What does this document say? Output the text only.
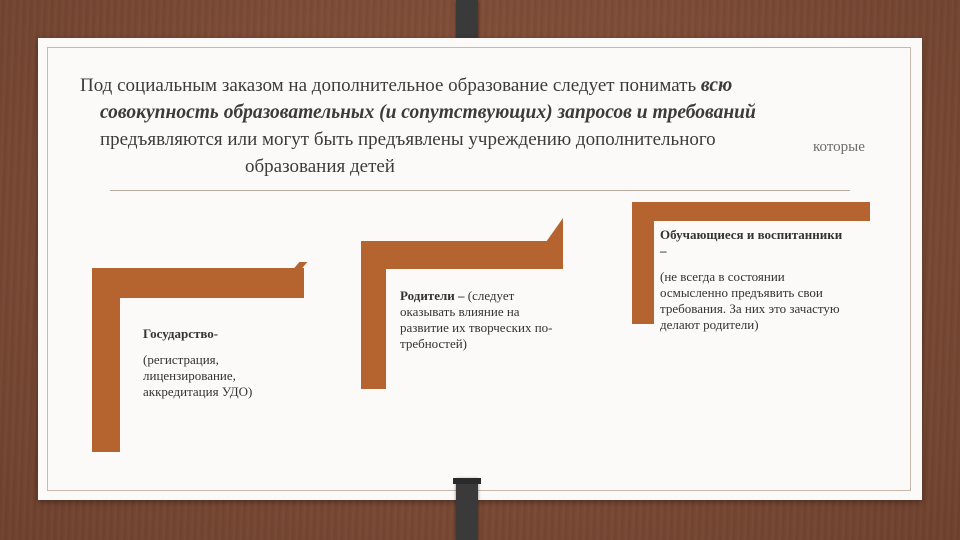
Под социальным заказом на дополнительное образование следует понимать всю
совокупность образовательных (и сопутствующих) запросов и требований
которые
предъявляются или могут быть предъявлены учреждению дополнительного
образования детей
Государство-
(регистрация, лицензирование, аккредитация УДО)
Родители – (следует
оказывать влияние на развитие их творческих по-требностей)
Обучающиеся и воспитанники –
(не всегда в состоянии осмысленно предъявить свои требования. За них это зачастую делают родители)
